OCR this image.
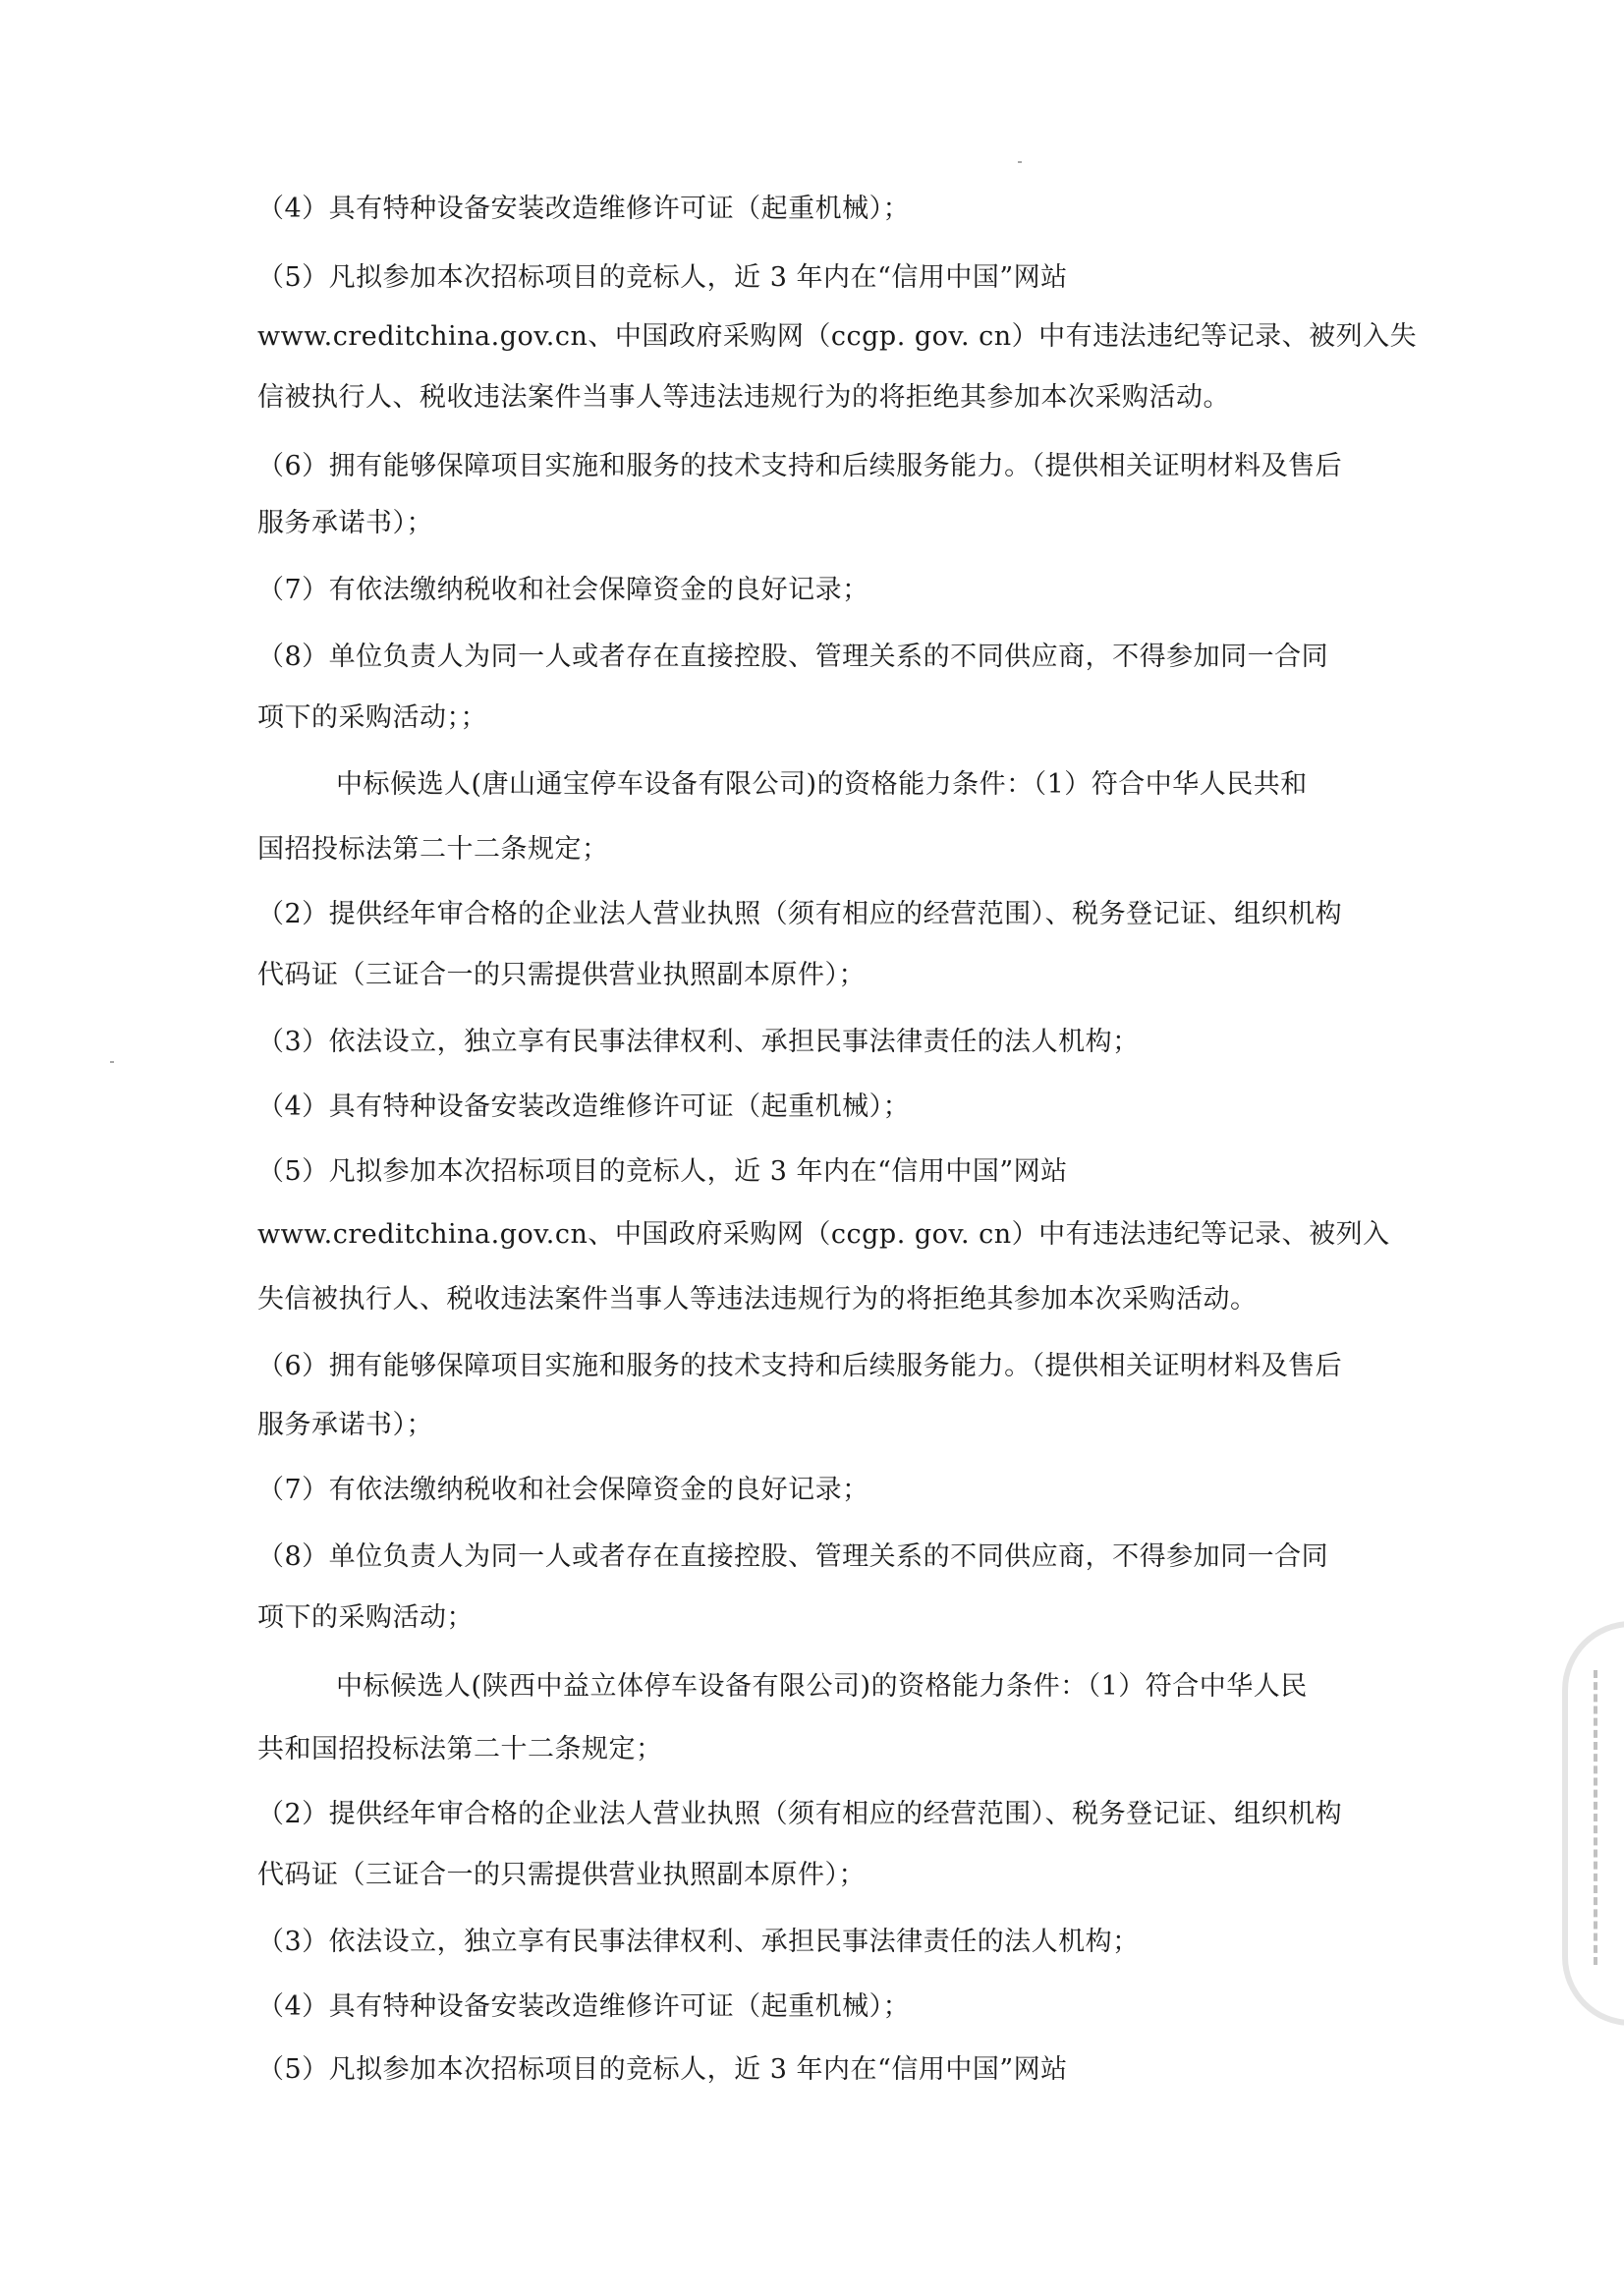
（4）具有特种设备安装改造维修许可证（起重机械）；
（5）凡拟参加本次招标项目的竞标人，近 3 年内在“信用中国”网站
www.creditchina.gov.cn、中国政府采购网（ccgp. gov. cn）中有违法违纪等记录、被列入失
信被执行人、税收违法案件当事人等违法违规行为的将拒绝其参加本次采购活动。
（6）拥有能够保障项目实施和服务的技术支持和后续服务能力。（提供相关证明材料及售后
服务承诺书）；
（7）有依法缴纳税收和社会保障资金的良好记录；
（8）单位负责人为同一人或者存在直接控股、管理关系的不同供应商，不得参加同一合同
项下的采购活动；；
中标候选人(唐山通宝停车设备有限公司)的资格能力条件：（1）符合中华人民共和
国招投标法第二十二条规定；
（2）提供经年审合格的企业法人营业执照（须有相应的经营范围）、税务登记证、组织机构
代码证（三证合一的只需提供营业执照副本原件）；
（3）依法设立，独立享有民事法律权利、承担民事法律责任的法人机构；
（4）具有特种设备安装改造维修许可证（起重机械）；
（5）凡拟参加本次招标项目的竞标人，近 3 年内在“信用中国”网站
www.creditchina.gov.cn、中国政府采购网（ccgp. gov. cn）中有违法违纪等记录、被列入
失信被执行人、税收违法案件当事人等违法违规行为的将拒绝其参加本次采购活动。
（6）拥有能够保障项目实施和服务的技术支持和后续服务能力。（提供相关证明材料及售后
服务承诺书）；
（7）有依法缴纳税收和社会保障资金的良好记录；
（8）单位负责人为同一人或者存在直接控股、管理关系的不同供应商，不得参加同一合同
项下的采购活动；
中标候选人(陕西中益立体停车设备有限公司)的资格能力条件：（1）符合中华人民
共和国招投标法第二十二条规定；
（2）提供经年审合格的企业法人营业执照（须有相应的经营范围）、税务登记证、组织机构
代码证（三证合一的只需提供营业执照副本原件）；
（3）依法设立，独立享有民事法律权利、承担民事法律责任的法人机构；
（4）具有特种设备安装改造维修许可证（起重机械）；
（5）凡拟参加本次招标项目的竞标人，近 3 年内在“信用中国”网站
